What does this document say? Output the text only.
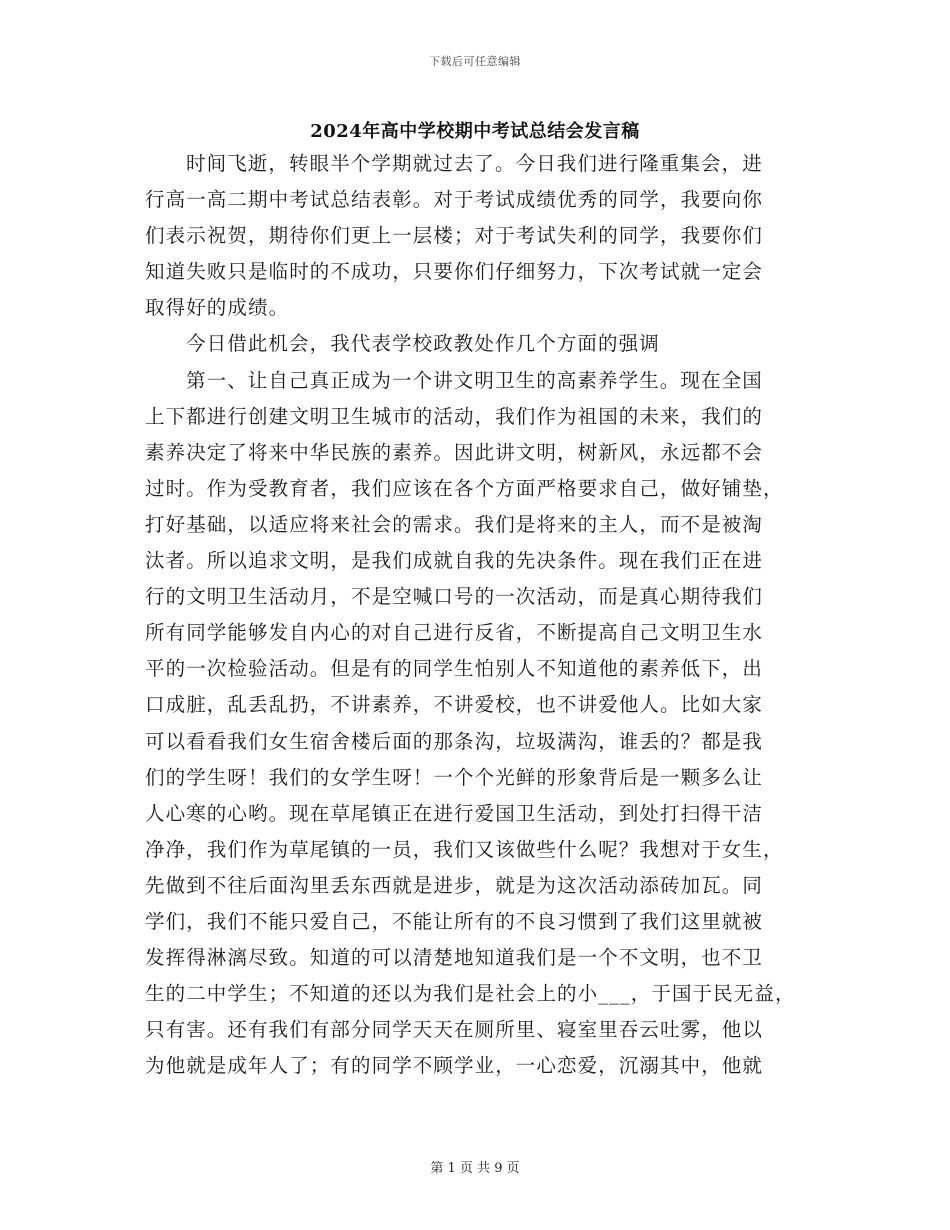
下载后可任意编辑
2024年高中学校期中考试总结会发言稿
时间飞逝，转眼半个学期就过去了。今日我们进行隆重集会，进
行高一高二期中考试总结表彰。对于考试成绩优秀的同学，我要向你
们表示祝贺，期待你们更上一层楼；对于考试失利的同学，我要你们
知道失败只是临时的不成功，只要你们仔细努力，下次考试就一定会
取得好的成绩。
今日借此机会，我代表学校政教处作几个方面的强调
第一、让自己真正成为一个讲文明卫生的高素养学生。现在全国
上下都进行创建文明卫生城市的活动，我们作为祖国的未来，我们的
素养决定了将来中华民族的素养。因此讲文明，树新风，永远都不会
过时。作为受教育者，我们应该在各个方面严格要求自己，做好铺垫，
打好基础，以适应将来社会的需求。我们是将来的主人，而不是被淘
汰者。所以追求文明，是我们成就自我的先决条件。现在我们正在进
行的文明卫生活动月，不是空喊口号的一次活动，而是真心期待我们
所有同学能够发自内心的对自己进行反省，不断提高自己文明卫生水
平的一次检验活动。但是有的同学生怕别人不知道他的素养低下，出
口成脏，乱丢乱扔，不讲素养，不讲爱校，也不讲爱他人。比如大家
可以看看我们女生宿舍楼后面的那条沟，垃圾满沟，谁丢的？都是我
们的学生呀！我们的女学生呀！一个个光鲜的形象背后是一颗多么让
人心寒的心哟。现在草尾镇正在进行爱国卫生活动，到处打扫得干洁
净净，我们作为草尾镇的一员，我们又该做些什么呢？我想对于女生，
先做到不往后面沟里丢东西就是进步，就是为这次活动添砖加瓦。同
学们，我们不能只爱自己，不能让所有的不良习惯到了我们这里就被
发挥得淋漓尽致。知道的可以清楚地知道我们是一个不文明，也不卫
生的二中学生；不知道的还以为我们是社会上的小___，于国于民无益，
只有害。还有我们有部分同学天天在厕所里、寝室里吞云吐雾，他以
为他就是成年人了；有的同学不顾学业，一心恋爱，沉溺其中，他就
第 1 页 共 9 页
